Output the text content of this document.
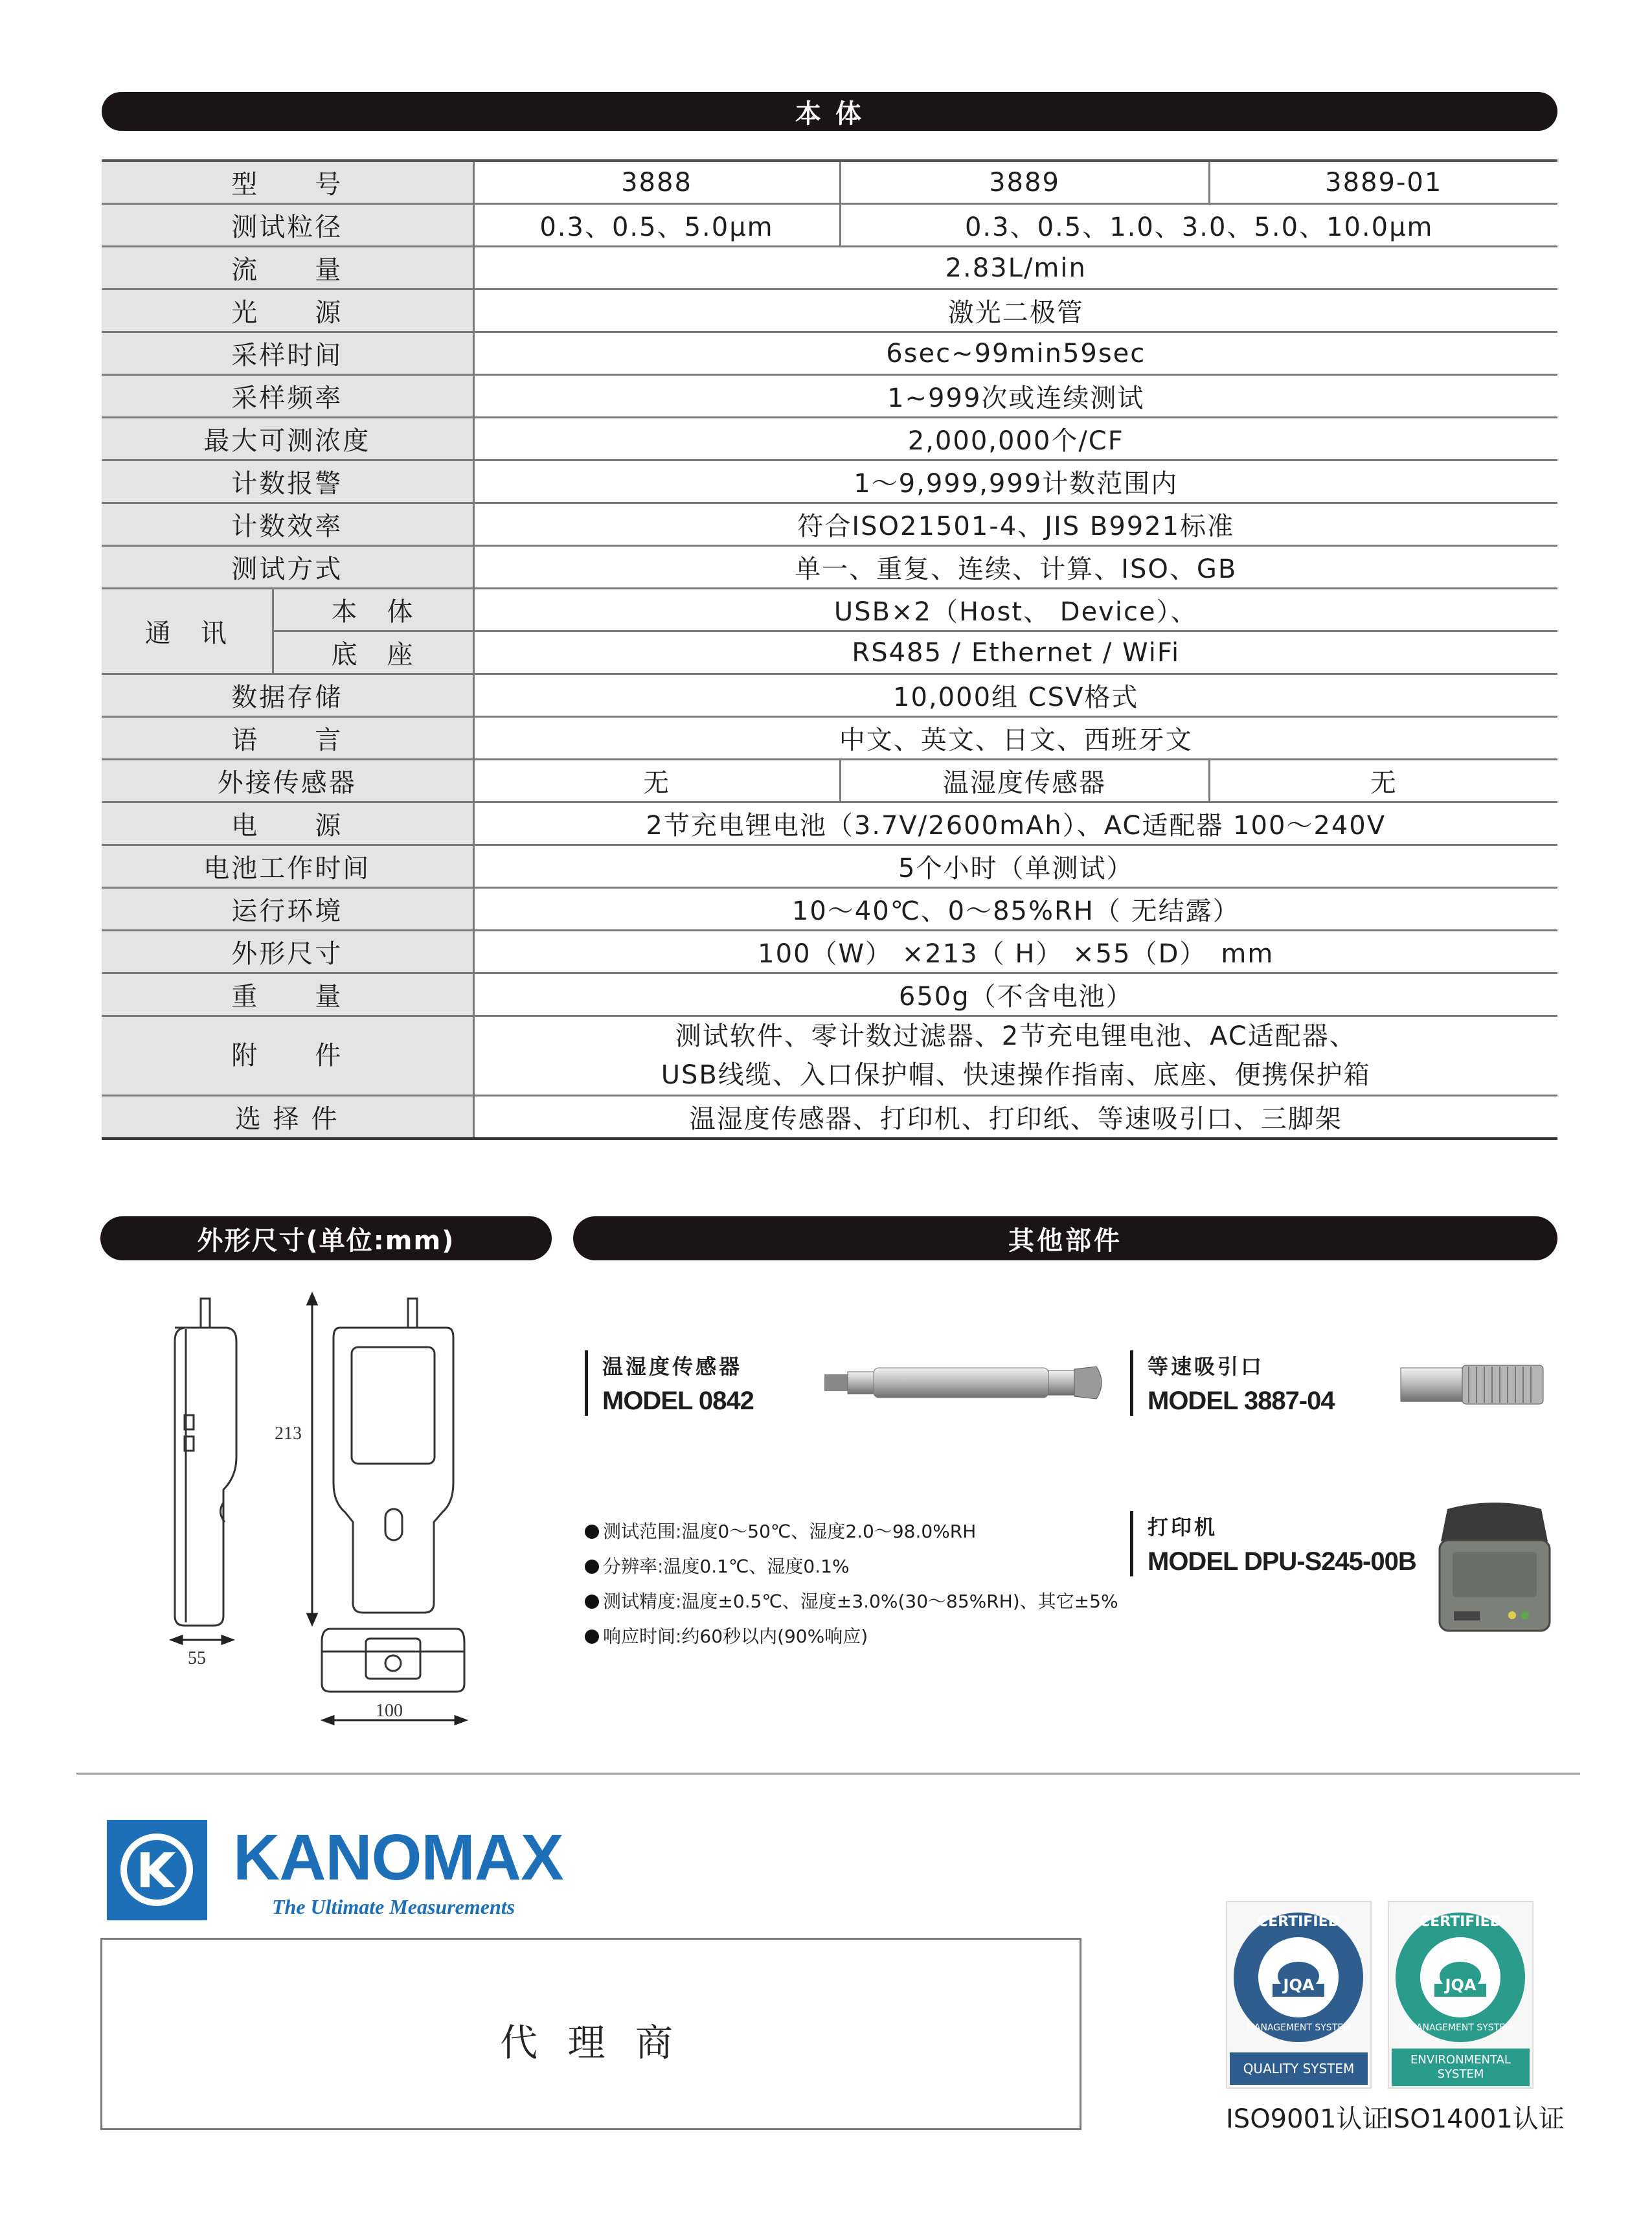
本 体
型　　号		3888	3889	3889-01
测试粒径		0.3、0.5、5.0μm	0.3、0.5、1.0、3.0、5.0、10.0μm	
流　　量		2.83L/min		
光　　源		激光二极管		
采样时间		6sec~99min59sec		
采样频率		1~999次或连续测试		
最大可测浓度		2,000,000个/CF		
计数报警		1〜9,999,999计数范围内		
计数效率		符合ISO21501-4、JIS B9921标准		
测试方式		单一、重复、连续、计算、ISO、GB		
通　讯	本　体	USB×2（Host、 Device）、		
	底　座	RS485 / Ethernet / WiFi		
数据存储		10,000组 CSV格式		
语　　言		中文、英文、日文、西班牙文		
外接传感器		无	温湿度传感器	无
电　　源		2节充电锂电池（3.7V/2600mAh）、AC适配器 100〜240V		
电池工作时间		5个小时（单测试）		
运行环境		10〜40℃、0〜85%RH（ 无结露）		
外形尺寸		100（W） ×213（ H） ×55（D）　mm		
重　　量		650g（不含电池）		
附　　件		测试软件、零计数过滤器、2节充电锂电池、AC适配器、
USB线缆、入口保护帽、快速操作指南、底座、便携保护箱		

选 择 件		温湿度传感器、打印机、打印纸、等速吸引口、三脚架		
外形尺寸(单位:mm)	其他部件
213
55
100
温湿度传感器
MODEL 0842
等速吸引口
MODEL 3887-04
测试范围:温度0〜50℃、湿度2.0〜98.0%RH
分辨率:温度0.1℃、湿度0.1%
测试精度:温度±0.5℃、湿度±3.0%(30〜85%RH)、其它±5%
响应时间:约60秒以内(90%响应)
打印机
MODEL DPU-S245-00B
KANOMAX
The Ultimate Measurements
代 理 商
CERTIFIED
JQA
MANAGEMENT SYSTEM
QUALITY SYSTEM
CERTIFIED
JQA
MANAGEMENT SYSTEM
ENVIRONMENTAL
SYSTEM
ISO9001认证
ISO14001认证
